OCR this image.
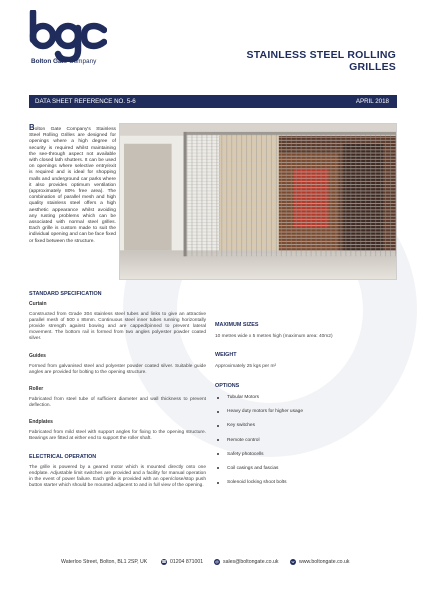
Bolton Gate Company
STAINLESS STEEL ROLLING
GRILLES
DATA SHEET REFERENCE NO. 5-6	APRIL 2018
Bolton Gate Company's Stainless Steel Rolling Grilles are designed for openings where a high degree of security is required whilst maintaining the see-through aspect not available with closed lath shutters. It can be used on openings where selective entry/exit is required and is ideal for shopping malls and underground car parks where it also provides optimum ventilation (approximately 80% free area). The combination of parallel mesh and high quality stainless steel offers a high aesthetic appearance whilst avoiding any rusting problems which can be associated with normal steel grilles. Each grille is custom made to suit the individual opening and can be face fixed or fixed between the structure.
STANDARD SPECIFICATION
Curtain
Constructed from Grade 304 stainless steel tubes and links to give an attractive parallel mesh of 500 x 85mm. Continuous steel inner tubes running horizontally provide strength against bowing and are capped/pinned to prevent lateral movement. The bottom rail is formed from two angles polyester powder coated silver.
Guides
Formed from galvanised steel and polyester powder coated silver. Suitable guide angles are provided for bolting to the opening structure.
Roller
Fabricated from steel tube of sufficient diameter and wall thickness to prevent deflection.
Endplates
Fabricated from mild steel with support angles for fixing to the opening structure. Bearings are fitted at either end to support the roller shaft.
ELECTRICAL OPERATION
The grille is powered by a geared motor which is mounted directly onto one endplate. Adjustable limit switches are provided and a facility for manual operation in the event of power failure. Each grille is provided with an open/close/stop push button starter which should be mounted adjacent to and in full view of the opening.
MAXIMUM SIZES
10 metres wide x 5 metres high (maximum area: 40m2)
WEIGHT
Approximately 25 kgs per m²
OPTIONS
Tubular Motors
Heavy duty motors for higher usage
Key switches
Remote control
Safety photocells
Coil casings and fascias
Solenoid locking shoot bolts
Waterloo Street, Bolton, BL1 2SP, UK	☎ 01204 871001	@ sales@boltongate.co.uk	w www.boltongate.co.uk
